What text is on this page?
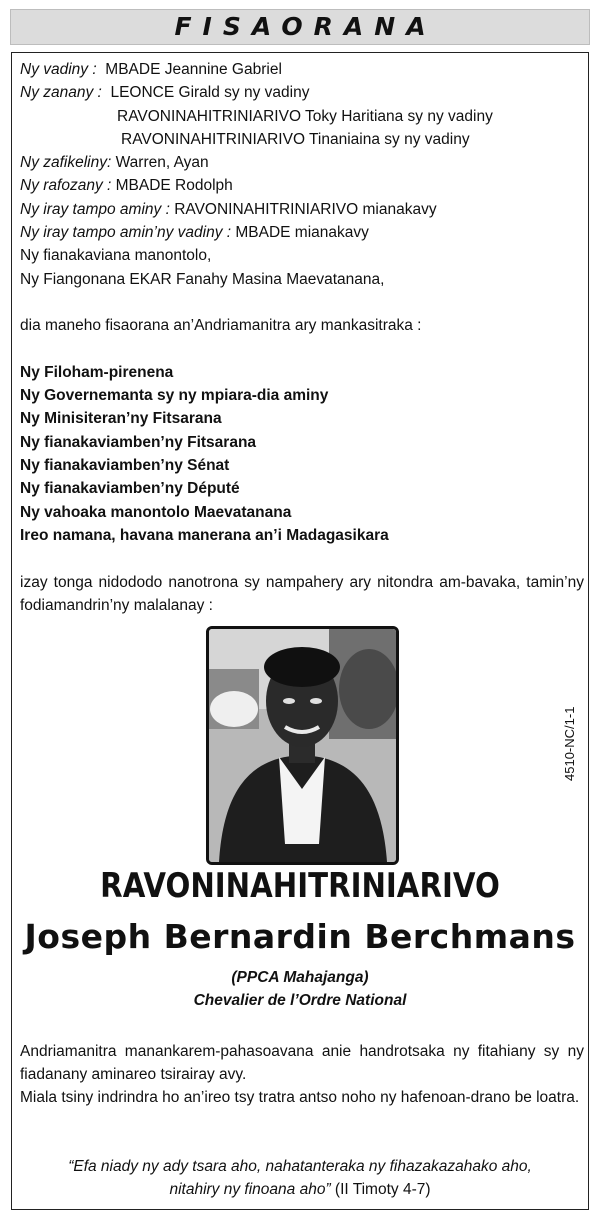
FISAORANA
Ny vadiny :  MBADE Jeannine Gabriel
Ny zanany :  LEONCE Girald sy ny vadiny
RAVONINAHITRINIARIVO Toky Haritiana sy ny vadiny
RAVONINAHITRINIARIVO Tinaniaina sy ny vadiny
Ny zafikeliny: Warren, Ayan
Ny rafozany : MBADE Rodolph
Ny iray tampo aminy : RAVONINAHITRINIARIVO mianakavy
Ny iray tampo amin’ny vadiny : MBADE mianakavy
Ny fianakaviana manontolo,
Ny Fiangonana EKAR Fanahy Masina Maevatanana,
dia maneho fisaorana an’Andriamanitra ary mankasitraka :
Ny Filoham-pirenena
Ny Governemanta sy ny mpiara-dia aminy
Ny Minisiteran’ny Fitsarana
Ny fianakaviamben’ny Fitsarana
Ny fianakaviamben’ny Sénat
Ny fianakaviamben’ny Député
Ny vahoaka manontolo Maevatanana
Ireo namana, havana manerana an’i Madagasikara
izay tonga nidododo nanotrona sy nampahery ary nitondra am-bavaka, tamin’ny fodiamandrin’ny malalanay :
4510-NC/1-1
RAVONINAHITRINIARIVO
Joseph Bernardin Berchmans
(PPCA Mahajanga)
Chevalier de l’Ordre National
Andriamanitra manankarem-pahasoavana anie handrotsaka ny fitahiany sy ny fiadanany aminareo tsirairay avy.
Miala tsiny indrindra ho an’ireo tsy tratra antso noho ny hafenoan-drano be loatra.
“Efa niady ny ady tsara aho, nahatanteraka ny fihazakazahako aho,
nitahiry ny finoana aho” (II Timoty 4-7)
